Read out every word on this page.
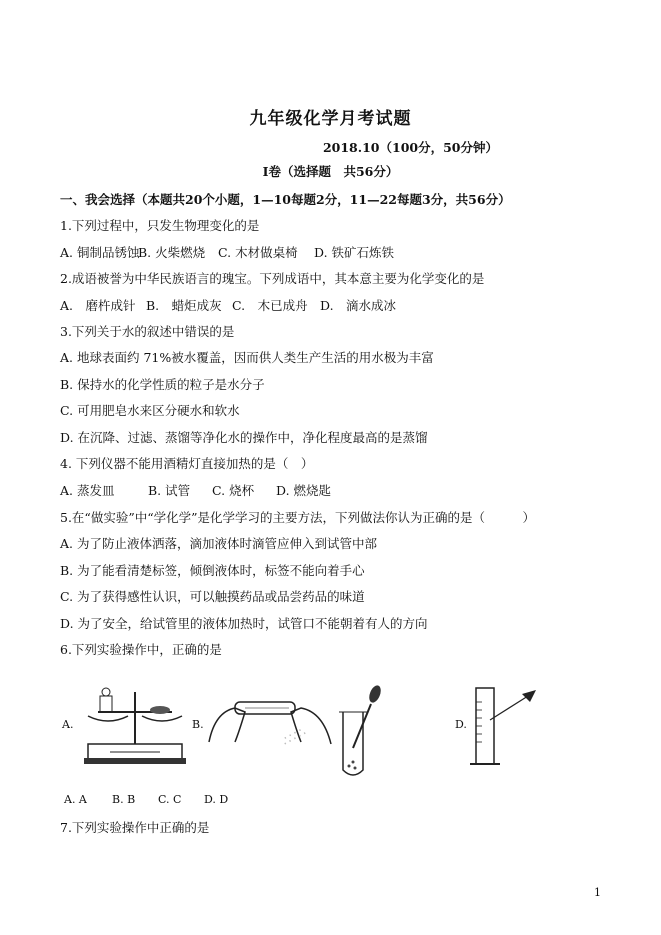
九年级化学月考试题
2018.10（100分，50分钟）
I卷（选择题　共56分）
一、我会选择（本题共20个小题，1—10每题2分，11—22每题3分，共56分）
1.下列过程中，只发生物理变化的是
A. 铜制品锈蚀B. 火柴燃烧 C. 木材做桌椅 D. 铁矿石炼铁
2.成语被誉为中华民族语言的瑰宝。下列成语中，其本意主要为化学变化的是
A.　磨杵成针 B.　蜡炬成灰 C.　木已成舟 D.　滴水成冰
3.下列关于水的叙述中错误的是
A. 地球表面约 71%被水覆盖，因而供人类生产生活的用水极为丰富
B. 保持水的化学性质的粒子是水分子
C. 可用肥皂水来区分硬水和软水
D. 在沉降、过滤、蒸馏等净化水的操作中，净化程度最高的是蒸馏
4. 下列仪器不能用酒精灯直接加热的是（　）
A. 蒸发皿	B. 试管 C. 烧杯 D. 燃烧匙
5.在“做实验”中“学化学”是化学学习的主要方法，下列做法你认为正确的是（　　　）
A. 为了防止液体洒落，滴加液体时滴管应伸入到试管中部
B. 为了能看清楚标签，倾倒液体时，标签不能向着手心
C. 为了获得感性认识，可以触摸药品或品尝药品的味道
D. 为了安全，给试管里的液体加热时，试管口不能朝着有人的方向
6.下列实验操作中，正确的是
A.	B.
∴∵∴
D.
A. A B. B C. C D. D
7.下列实验操作中正确的是
1
